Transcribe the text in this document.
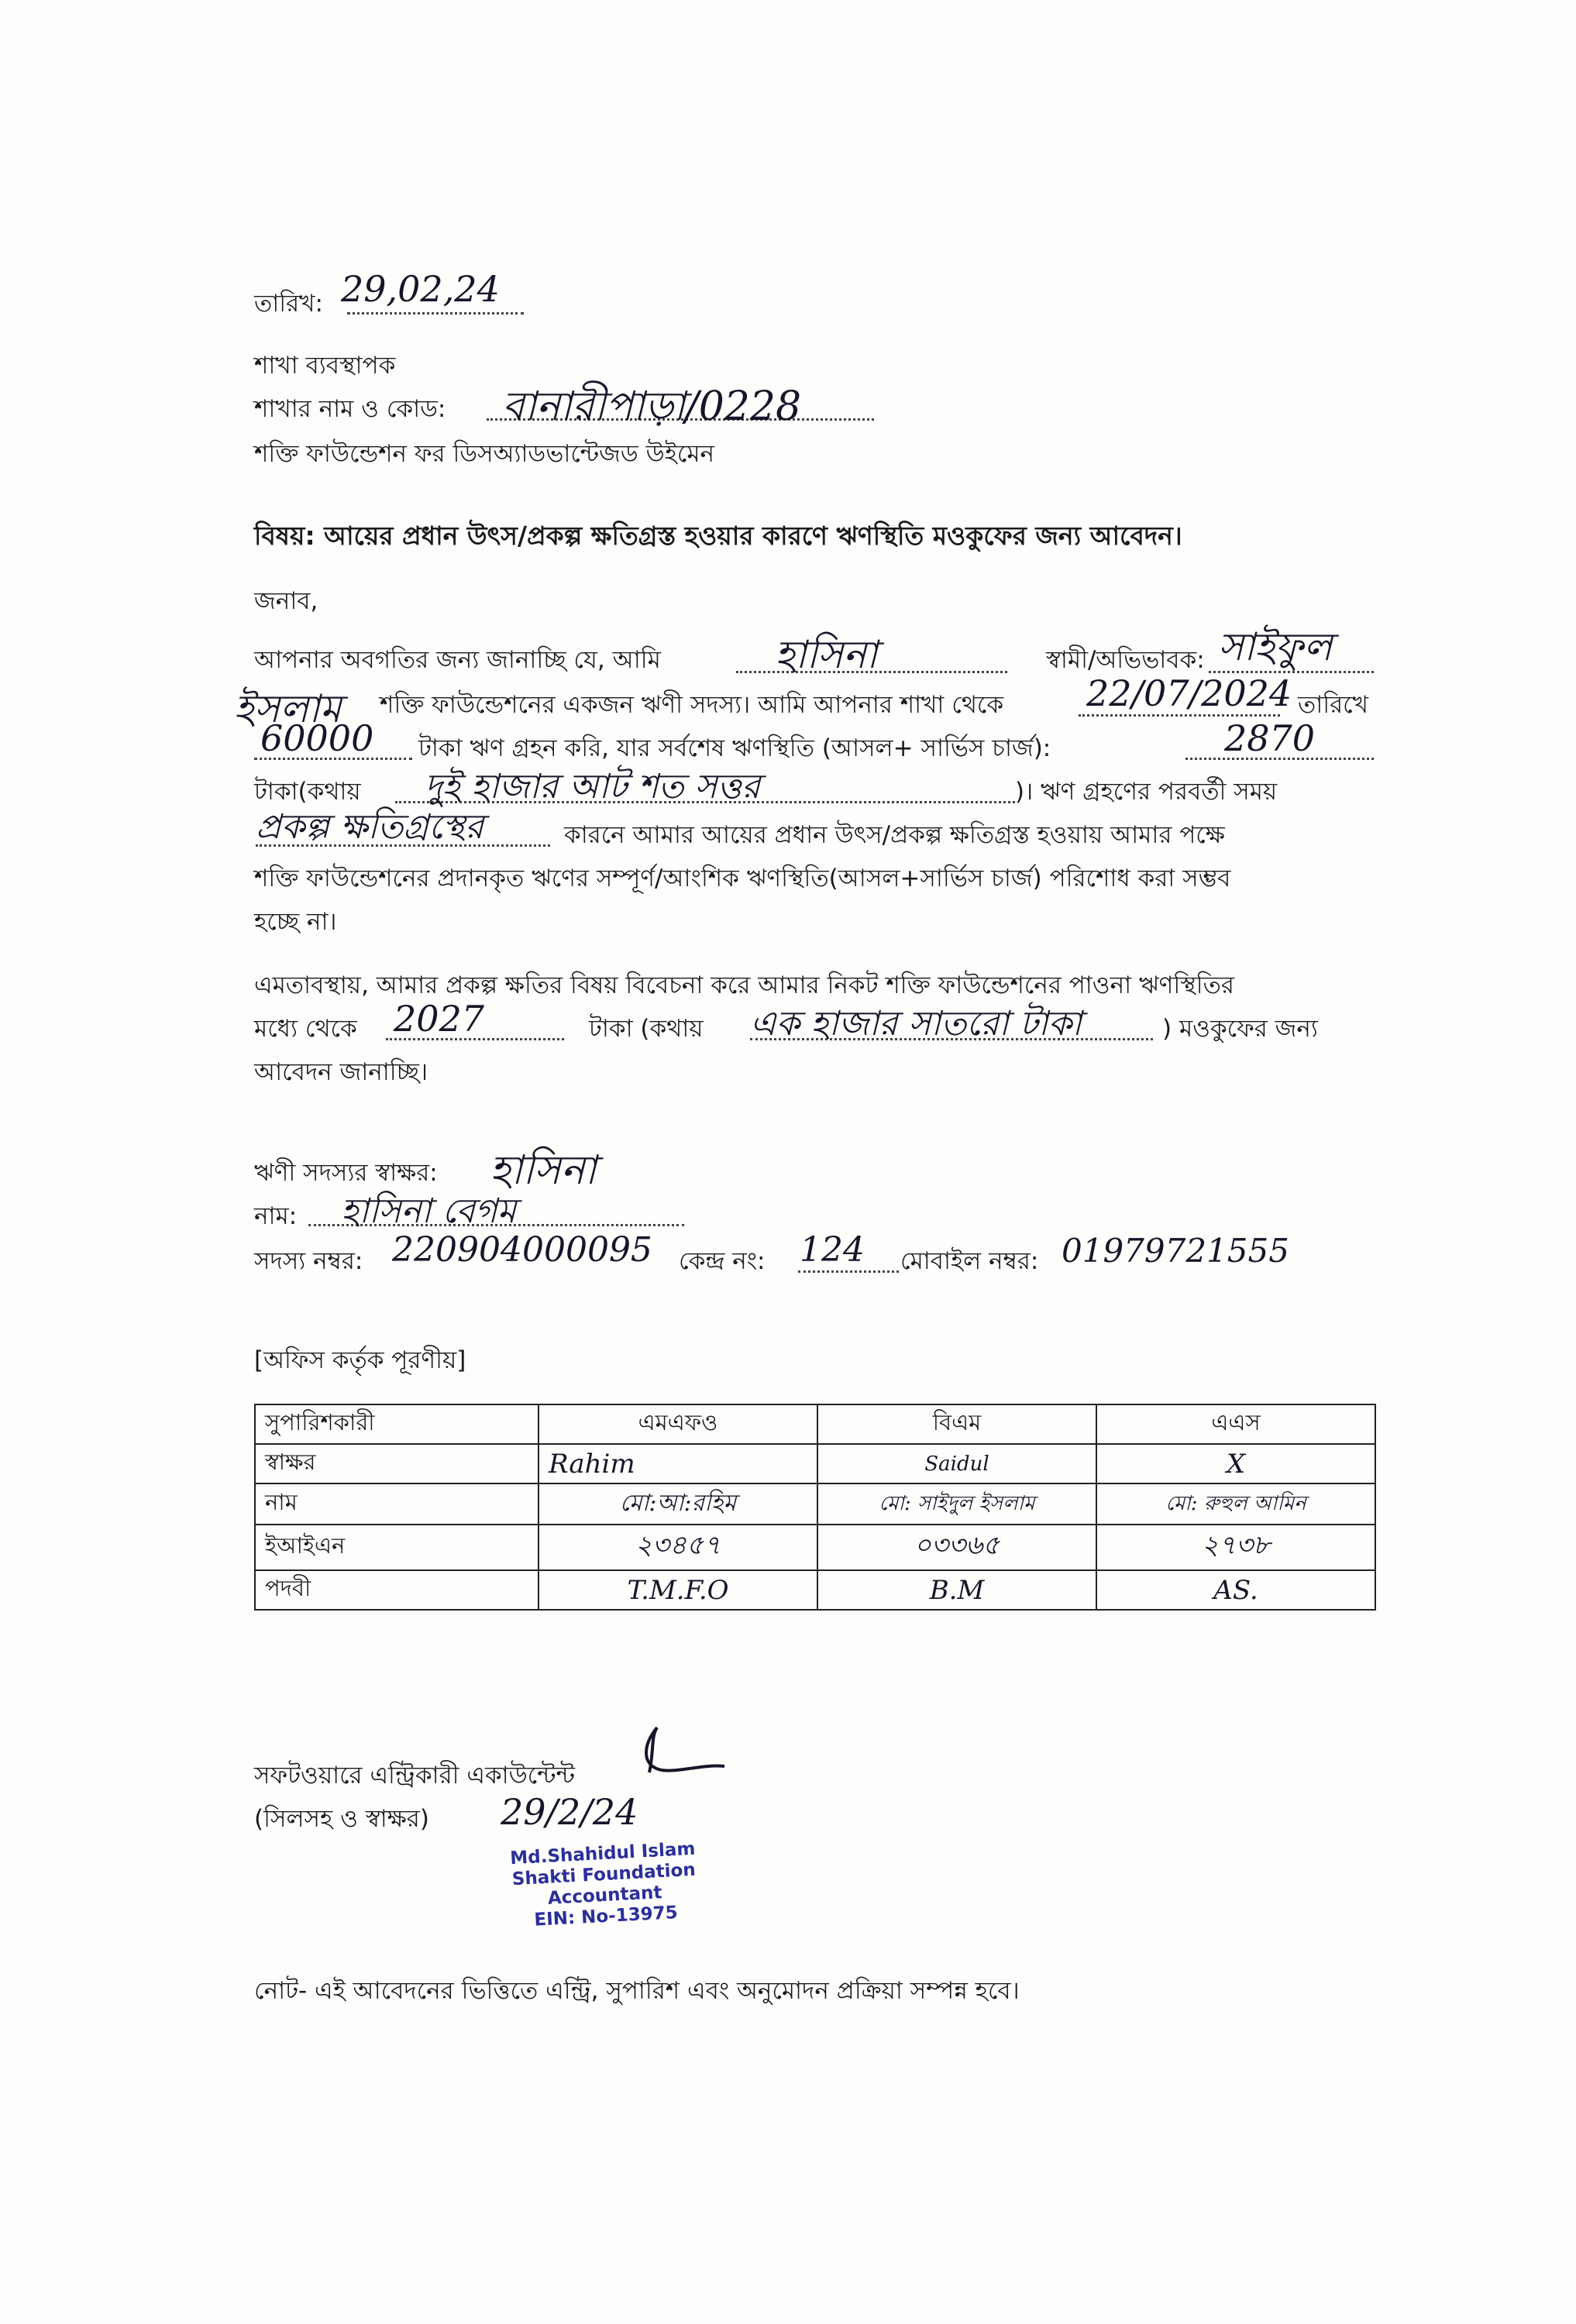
তারিখ: 29,02,24
শাখা ব্যবস্থাপক
শাখার নাম ও কোড: বানারীপাড়া/0228
শক্তি ফাউন্ডেশন ফর ডিসঅ্যাডভান্টেজড উইমেন
বিষয়: আয়ের প্রধান উৎস/প্রকল্প ক্ষতিগ্রস্ত হওয়ার কারণে ঋণস্থিতি মওকুফের জন্য আবেদন।
জনাব,
আপনার অবগতির জন্য জানাচ্ছি যে, আমি	হাসিনা	স্বামী/অভিভাবক: সাইফুল
ইসলাম শক্তি ফাউন্ডেশনের একজন ঋণী সদস্য। আমি আপনার শাখা থেকে 22/07/2024 তারিখে
60000 টাকা ঋণ গ্রহন করি, যার সর্বশেষ ঋণস্থিতি (আসল+ সার্ভিস চার্জ):	2870
টাকা(কথায় দুই হাজার আট শত সত্তর	)। ঋণ গ্রহণের পরবর্তী সময়
প্রকল্প ক্ষতিগ্রস্থের	কারনে আমার আয়ের প্রধান উৎস/প্রকল্প ক্ষতিগ্রস্ত হওয়ায় আমার পক্ষে
শক্তি ফাউন্ডেশনের প্রদানকৃত ঋণের সম্পূর্ণ/আংশিক ঋণস্থিতি(আসল+সার্ভিস চার্জ) পরিশোধ করা সম্ভব
হচ্ছে না।
এমতাবস্থায়, আমার প্রকল্প ক্ষতির বিষয় বিবেচনা করে আমার নিকট শক্তি ফাউন্ডেশনের পাওনা ঋণস্থিতির
মধ্যে থেকে 2027	টাকা (কথায় এক হাজার সাতরো টাকা	) মওকুফের জন্য
আবেদন জানাচ্ছি।
ঋণী সদস্যর স্বাক্ষর: হাসিনা
নাম: হাসিনা বেগম
সদস্য নম্বর: 220904000095 কেন্দ্র নং: 124 মোবাইল নম্বর: 01979721555
[অফিস কর্তৃক পূরণীয়]
সুপারিশকারী	এমএফও	বিএম	এএস
স্বাক্ষর	Rahim	Saidul	X
নাম	মো:আ:রহিম	মো: সাইদুল ইসলাম	মো: রুহুল আমিন
ইআইএন	২৩৪৫৭	০৩৩৬৫	২৭৩৮
পদবী	T.M.F.O	B.M	AS.
সফটওয়ারে এন্ট্রিকারী একাউন্টেন্ট
(সিলসহ ও স্বাক্ষর) 29/2/24
Md.Shahidul Islam
Shakti Foundation
Accountant
EIN: No-13975
নোট- এই আবেদনের ভিত্তিতে এন্ট্রি, সুপারিশ এবং অনুমোদন প্রক্রিয়া সম্পন্ন হবে।
